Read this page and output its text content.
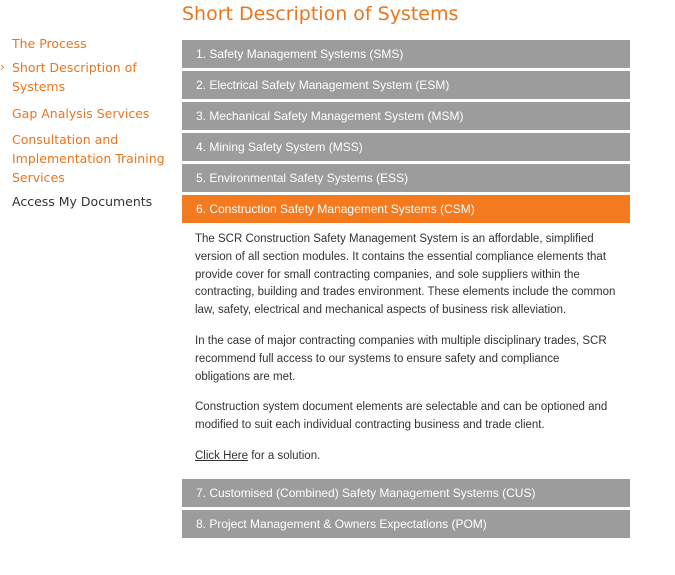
The Process
› Short Description of
Systems
Gap Analysis Services
Consultation and
Implementation Training
Services
Access My Documents
Short Description of Systems
1. Safety Management Systems (SMS)
2. Electrical Safety Management System (ESM)
3. Mechanical Safety Management System (MSM)
4. Mining Safety System (MSS)
5. Environmental Safety Systems (ESS)
6. Construction Safety Management Systems (CSM)

The SCR Construction Safety Management System is an affordable, simplified version of all section modules. It contains the essential compliance elements that provide cover for small contracting companies, and sole suppliers within the contracting, building and trades environment. These elements include the common law, safety, electrical and mechanical aspects of business risk alleviation.

In the case of major contracting companies with multiple disciplinary trades, SCR recommend full access to our systems to ensure safety and compliance obligations are met.

Construction system document elements are selectable and can be optioned and modified to suit each individual contracting business and trade client.

Click Here for a solution.

7. Customised (Combined) Safety Management Systems (CUS)
8. Project Management & Owners Expectations (POM)
